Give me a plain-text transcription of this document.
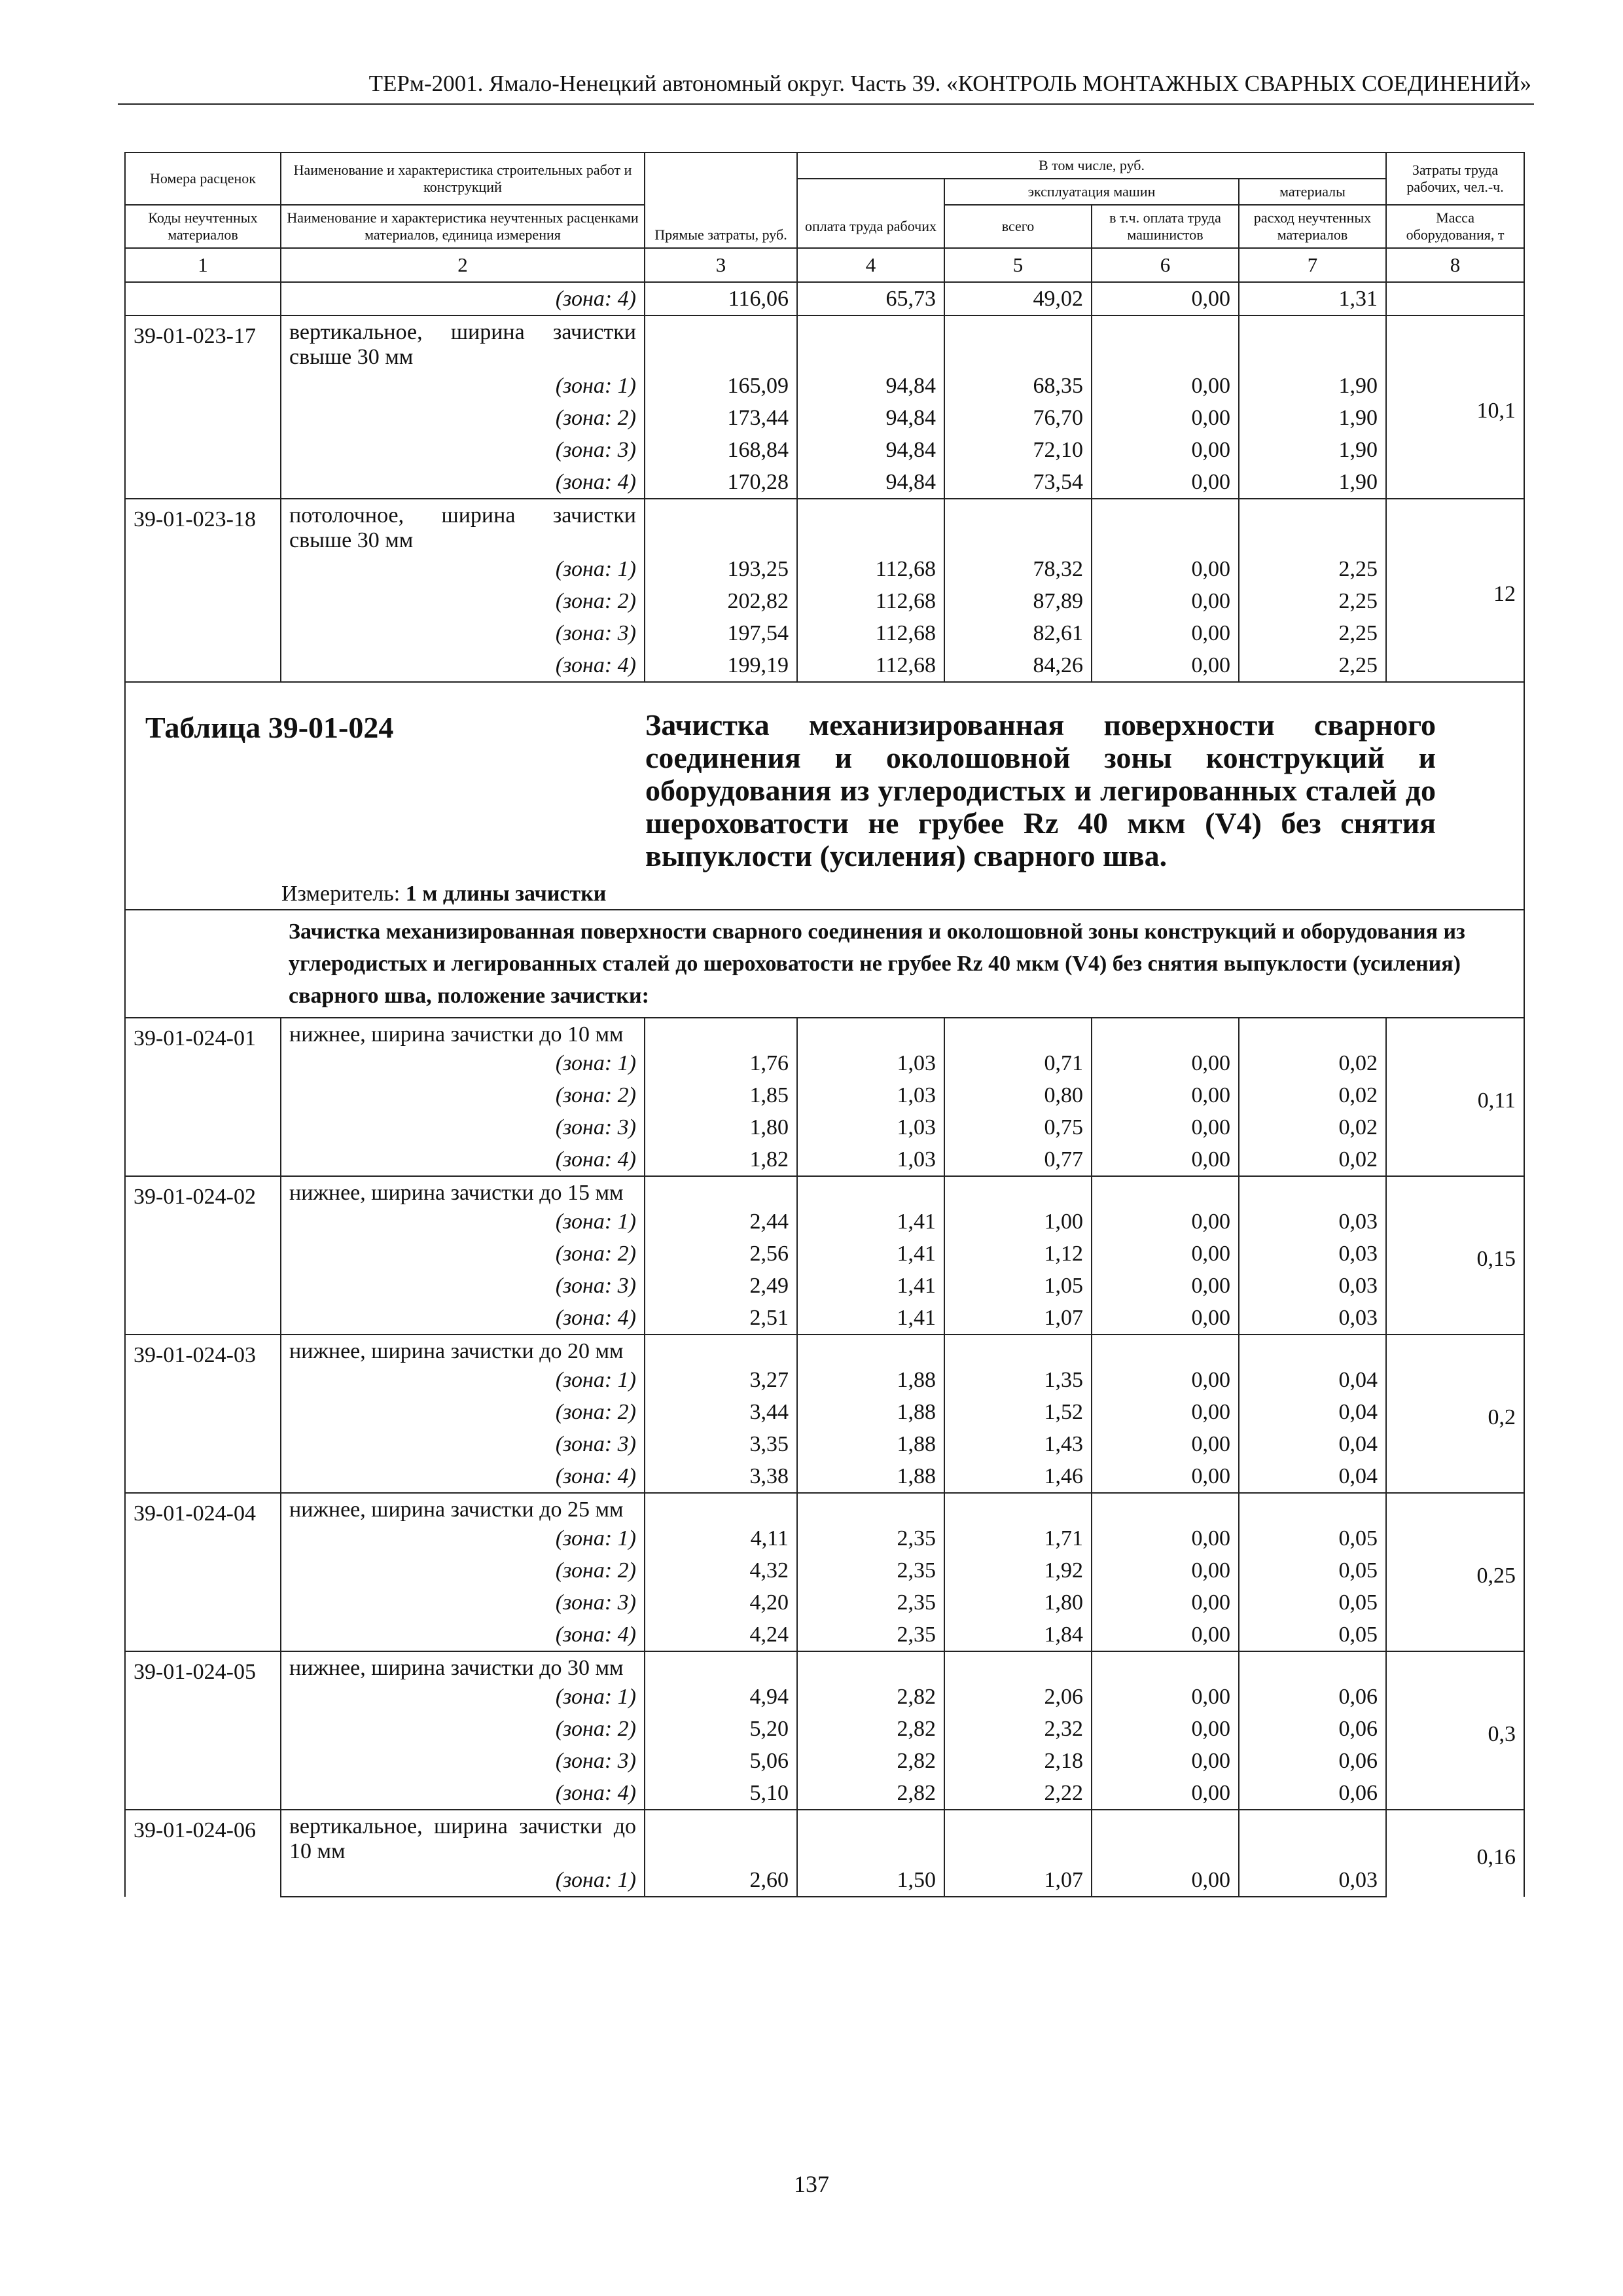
ТЕРм-2001. Ямало-Ненецкий автономный округ. Часть 39. «КОНТРОЛЬ МОНТАЖНЫХ СВАРНЫХ СОЕДИНЕНИЙ»
Номера расценок	Наименование и характеристика строительных работ и конструкций	Прямые затраты, руб.	В том числе, руб.				Затраты труда рабочих, чел.-ч.
				эксплуатация машин		материалы	
				всего	в т.ч. оплата труда машинистов	расход неучтенных материалов	
Коды неучтенных материалов	Наименование и характеристика неучтенных расценками материалов, единица измерения						Масса оборудования, т
			оплата труда рабочих				
1	2	3	4	5	6	7	8
	(зона: 4)	116,06	65,73	49,02	0,00	1,31	
39-01-023-17	вертикальное, ширина зачистки свыше 30 мм						10,1
	(зона: 1)	165,09	94,84	68,35	0,00	1,90	
	(зона: 2)	173,44	94,84	76,70	0,00	1,90	
	(зона: 3)	168,84	94,84	72,10	0,00	1,90	
	(зона: 4)	170,28	94,84	73,54	0,00	1,90	
39-01-023-18	потолочное, ширина зачистки свыше 30 мм						12
	(зона: 1)	193,25	112,68	78,32	0,00	2,25	
	(зона: 2)	202,82	112,68	87,89	0,00	2,25	
	(зона: 3)	197,54	112,68	82,61	0,00	2,25	
	(зона: 4)	199,19	112,68	84,26	0,00	2,25	

Таблица 39-01-024 Зачистка механизированная поверхности сварного соединения и околошовной зоны конструкций и оборудования из углеродистых и легированных сталей до шероховатости не грубее Rz 40 мкм (V4) без снятия выпуклости (усиления) сварного шва.
Измеритель: 1 м длины зачистки							

	Зачистка механизированная поверхности сварного соединения и околошовной зоны конструкций и оборудования из углеродистых и легированных сталей до шероховатости не грубее Rz 40 мкм (V4) без снятия выпуклости (усиления) сварного шва, положение зачистки:						
39-01-024-01	нижнее, ширина зачистки до 10 мм						0,11
	(зона: 1)	1,76	1,03	0,71	0,00	0,02	
	(зона: 2)	1,85	1,03	0,80	0,00	0,02	
	(зона: 3)	1,80	1,03	0,75	0,00	0,02	
	(зона: 4)	1,82	1,03	0,77	0,00	0,02	
39-01-024-02	нижнее, ширина зачистки до 15 мм						0,15
	(зона: 1)	2,44	1,41	1,00	0,00	0,03	
	(зона: 2)	2,56	1,41	1,12	0,00	0,03	
	(зона: 3)	2,49	1,41	1,05	0,00	0,03	
	(зона: 4)	2,51	1,41	1,07	0,00	0,03	
39-01-024-03	нижнее, ширина зачистки до 20 мм						0,2
	(зона: 1)	3,27	1,88	1,35	0,00	0,04	
	(зона: 2)	3,44	1,88	1,52	0,00	0,04	
	(зона: 3)	3,35	1,88	1,43	0,00	0,04	
	(зона: 4)	3,38	1,88	1,46	0,00	0,04	
39-01-024-04	нижнее, ширина зачистки до 25 мм						0,25
	(зона: 1)	4,11	2,35	1,71	0,00	0,05	
	(зона: 2)	4,32	2,35	1,92	0,00	0,05	
	(зона: 3)	4,20	2,35	1,80	0,00	0,05	
	(зона: 4)	4,24	2,35	1,84	0,00	0,05	
39-01-024-05	нижнее, ширина зачистки до 30 мм						0,3
	(зона: 1)	4,94	2,82	2,06	0,00	0,06	
	(зона: 2)	5,20	2,82	2,32	0,00	0,06	
	(зона: 3)	5,06	2,82	2,18	0,00	0,06	
	(зона: 4)	5,10	2,82	2,22	0,00	0,06	
39-01-024-06	вертикальное, ширина зачистки до 10 мм						0,16
	(зона: 1)	2,60	1,50	1,07	0,00	0,03	
137
